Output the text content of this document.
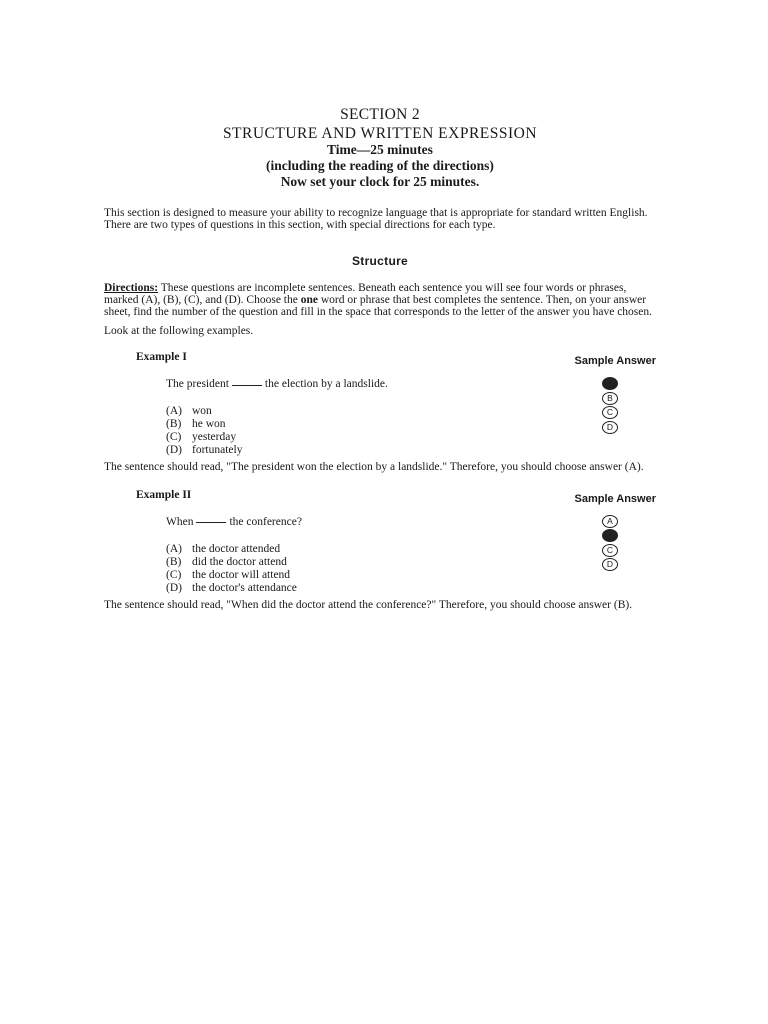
SECTION 2
STRUCTURE AND WRITTEN EXPRESSION
Time—25 minutes
(including the reading of the directions)
Now set your clock for 25 minutes.
This section is designed to measure your ability to recognize language that is appropriate for standard written English. There are two types of questions in this section, with special directions for each type.
Structure
Directions: These questions are incomplete sentences. Beneath each sentence you will see four words or phrases, marked (A), (B), (C), and (D). Choose the one word or phrase that best completes the sentence. Then, on your answer sheet, find the number of the question and fill in the space that corresponds to the letter of the answer you have chosen.
Look at the following examples.
Example I	Sample Answer
The president	the election by a landslide.
(A) won
(B) he won
(C) yesterday
(D) fortunately
A
B
C
D
The sentence should read, "The president won the election by a landslide." Therefore, you should choose answer (A).
Example II	Sample Answer
When	the conference?
(A) the doctor attended
(B) did the doctor attend
(C) the doctor will attend
(D) the doctor's attendance
A
B
C
D
The sentence should read, "When did the doctor attend the conference?" Therefore, you should choose answer (B).
